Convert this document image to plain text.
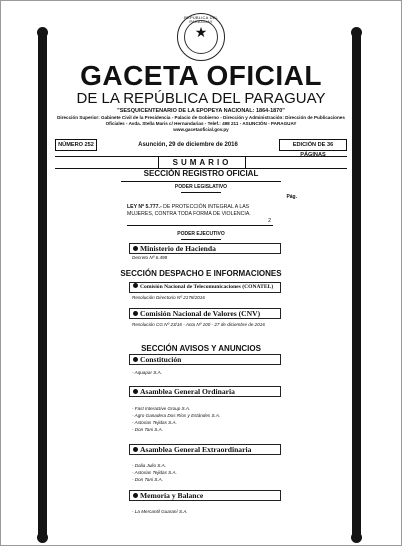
REPÚBLICA DEL PARAGUAY
★
GACETA OFICIAL
DE LA REPÚBLICA DEL PARAGUAY
"SESQUICENTENARIO DE LA EPOPEYA NACIONAL: 1864-1870"
Dirección Superior: Gabinete Civil de la Presidencia - Palacio de Gobierno - Dirección y Administración: Dirección de Publicaciones Oficiales - Avda. Stella Maris c/ Hernandarias - Telef.: 498 211 - ASUNCIÓN - PARAGUAY
www.gacetaoficial.gov.py
NÚMERO 252	Asunción, 29 de diciembre de 2016	EDICIÓN DE 36 PÁGINAS
SUMARIO
SECCIÓN REGISTRO OFICIAL
PODER LEGISLATIVO
Pág.
LEY Nº 5.777.- DE PROTECCIÓN INTEGRAL A LAS MUJERES, CONTRA TODA FORMA DE VIOLENCIA.
2
PODER EJECUTIVO
Ministerio de Hacienda
Decreto Nº 6.498
SECCIÓN DESPACHO E INFORMACIONES
Comisión Nacional de Telecomunicaciones (CONATEL)
Resolución Directorio Nº 2178/2016
Comisión Nacional de Valores (CNV)
Resolución CG Nº 23/16 - Acta Nº 100 - 27 de diciembre de 2016
SECCIÓN AVISOS Y ANUNCIOS
Constitución
- Aquapar S.A.
Asamblea General Ordinaria
- Fast Interactive Group S.A.
- Agro Ganadera Dos Ríos y Estándes S.A.
- Astorias Tejidas S.A.
- Don Tani S.A.
Asamblea General Extraordinaria
- Dalia Julio S.A.
- Astorias Tejidas S.A.
- Don Tani S.A.
Memoria y Balance
- La Mercantil Guaraní S.A.
